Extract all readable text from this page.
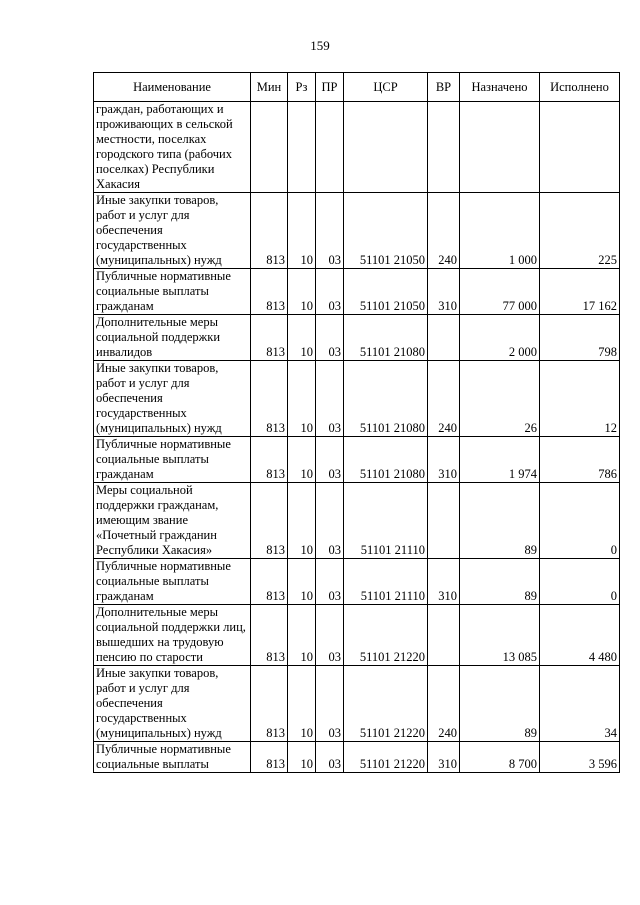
159
Наименование	Мин	Рз	ПР	ЦСР	ВР	Назначено	Исполнено
граждан, работающих и проживающих в сельской местности, поселках городского типа (рабочих поселках) Республики Хакасия							
Иные закупки товаров, работ и услуг для обеспечения государственных (муниципальных) нужд	813	10	03	51101 21050	240	1 000	225
Публичные нормативные социальные выплаты гражданам	813	10	03	51101 21050	310	77 000	17 162
Дополнительные меры социальной поддержки инвалидов	813	10	03	51101 21080		2 000	798
Иные закупки товаров, работ и услуг для обеспечения государственных (муниципальных) нужд	813	10	03	51101 21080	240	26	12
Публичные нормативные социальные выплаты гражданам	813	10	03	51101 21080	310	1 974	786
Меры социальной поддержки гражданам, имеющим звание «Почетный гражданин Республики Хакасия»	813	10	03	51101 21110		89	0
Публичные нормативные социальные выплаты гражданам	813	10	03	51101 21110	310	89	0
Дополнительные меры социальной поддержки лиц, вышедших на трудовую пенсию по старости	813	10	03	51101 21220		13 085	4 480
Иные закупки товаров, работ и услуг для обеспечения государственных (муниципальных) нужд	813	10	03	51101 21220	240	89	34
Публичные нормативные социальные выплаты	813	10	03	51101 21220	310	8 700	3 596
